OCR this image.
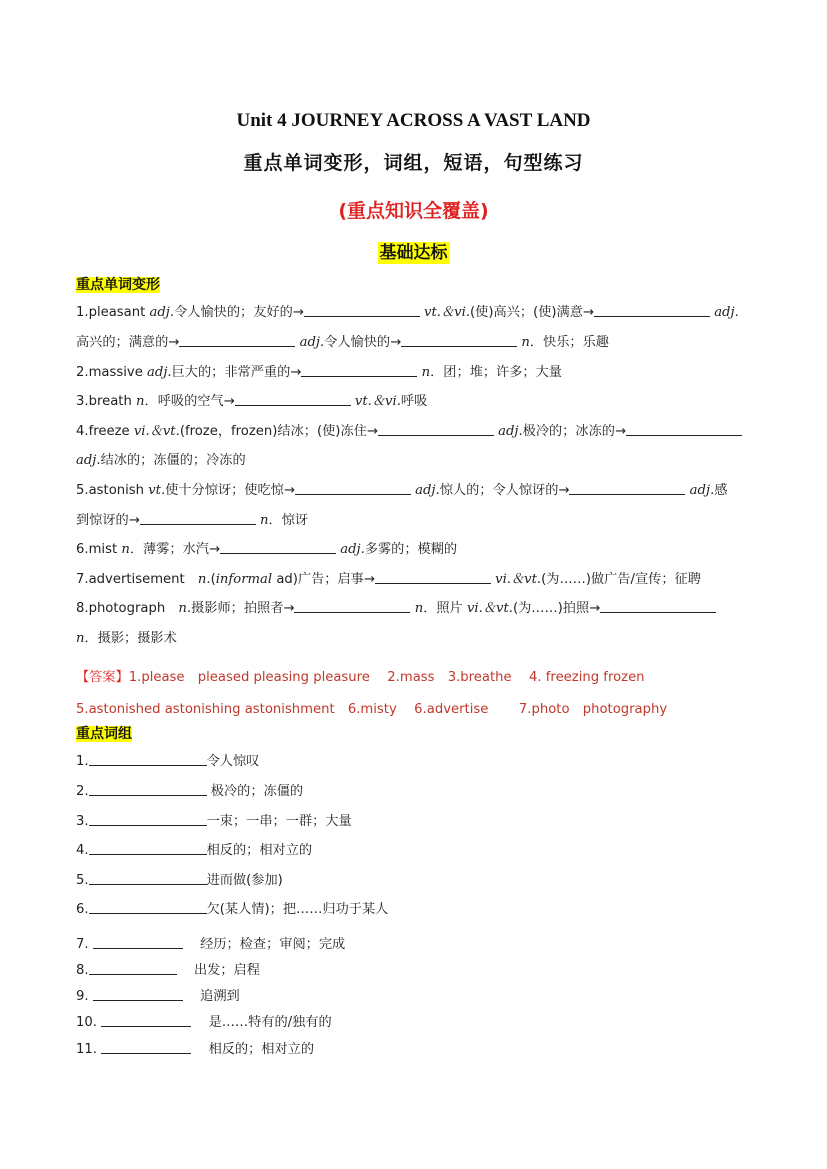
Unit 4 JOURNEY ACROSS A VAST LAND
重点单词变形，词组，短语，句型练习
(重点知识全覆盖)
基础达标
重点单词变形
1.pleasant adj.令人愉快的；友好的→	vt.＆vi.(使)高兴；(使)满意→	adj.
高兴的；满意的→	adj.令人愉快的→	n．快乐；乐趣
2.massive adj.巨大的；非常严重的→	n．团；堆；许多；大量
3.breath n．呼吸的空气→	vt.＆vi.呼吸
4.freeze vi.＆vt.(froze，frozen)结冰；(使)冻住→	adj.极冷的；冰冻的→
adj.结冰的；冻僵的；冷冻的
5.astonish vt.使十分惊讶；使吃惊→	adj.惊人的；令人惊讶的→	adj.感
到惊讶的→	n．惊讶
6.mist n．薄雾；水汽→	adj.多雾的；模糊的
7.advertisement　n.(informal ad)广告；启事→	vi.＆vt.(为……)做广告/宣传；征聘
8.photograph　n.摄影师；拍照者→	n．照片 vi.＆vt.(为……)拍照→
n．摄影；摄影术
【答案】1.please　pleased pleasing pleasure　 2.mass　3.breathe　 4. freezing frozen
5.astonished astonishing astonishment　6.misty　 6.advertise　　 7.photo　photography
重点词组
1.	令人惊叹
2.	极冷的；冻僵的
3.	一束；一串；一群；大量
4.	相反的；相对立的
5.	进而做(参加)
6.	欠(某人情)；把……归功于某人
7. 　	经历；检查；审阅；完成
8.　	出发；启程
9. 　	追溯到
10. 　	是……特有的/独有的
11. 　	相反的；相对立的
